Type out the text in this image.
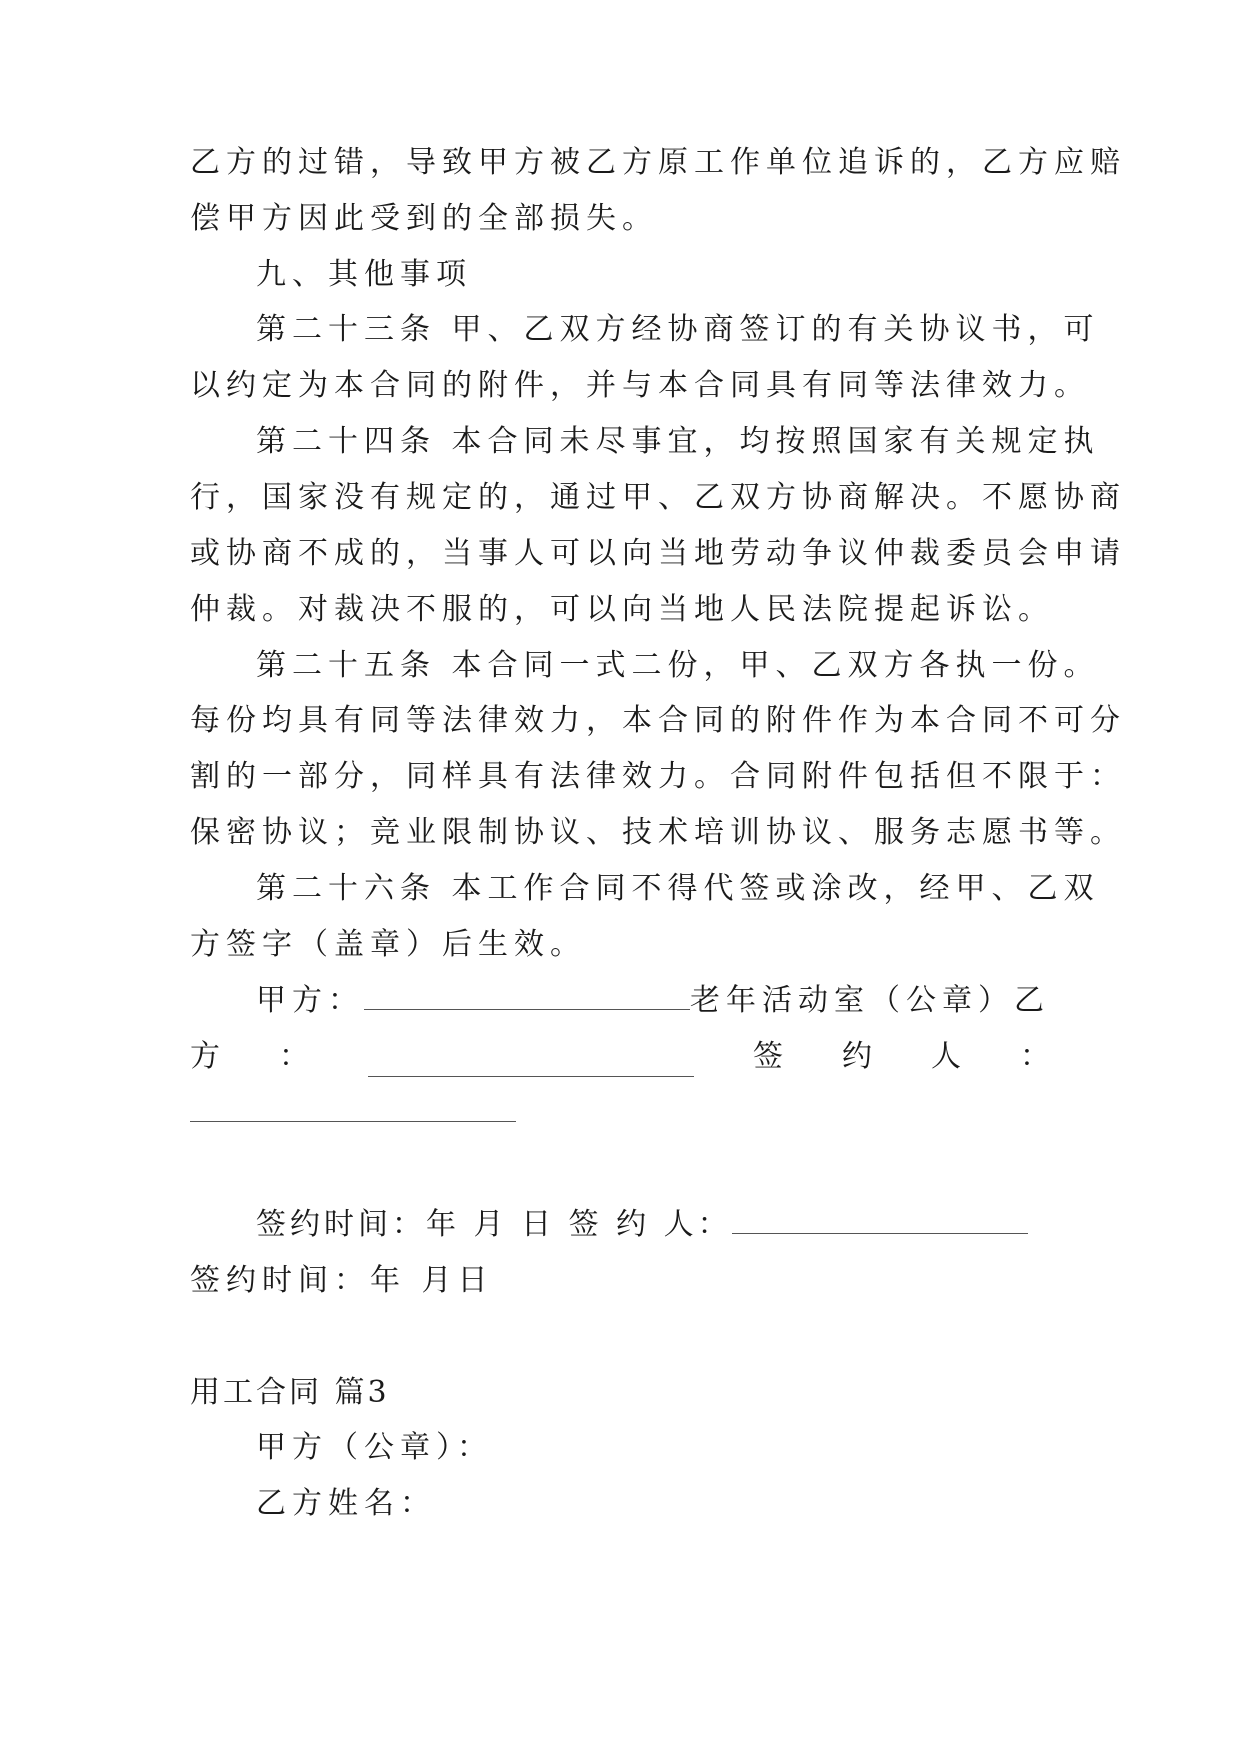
乙方的过错，导致甲方被乙方原工作单位追诉的，乙方应赔
偿甲方因此受到的全部损失。
九、其他事项
第二十三条 甲、乙双方经协商签订的有关协议书，可
以约定为本合同的附件，并与本合同具有同等法律效力。
第二十四条 本合同未尽事宜，均按照国家有关规定执
行，国家没有规定的，通过甲、乙双方协商解决。不愿协商
或协商不成的，当事人可以向当地劳动争议仲裁委员会申请
仲裁。对裁决不服的，可以向当地人民法院提起诉讼。
第二十五条 本合同一式二份，甲、乙双方各执一份。
每份均具有同等法律效力，本合同的附件作为本合同不可分
割的一部分，同样具有法律效力。合同附件包括但不限于：
保密协议；竞业限制协议、技术培训协议、服务志愿书等。
第二十六条 本工作合同不得代签或涂改，经甲、乙双
方签字（盖章）后生效。
甲方：	老年活动室（公章）乙
方 ：	签 约 人 ：
签约时间：年 月 日 签 约 人：
签约时间：年 月日
用工合同 篇3
甲方（公章）：
乙方姓名：
